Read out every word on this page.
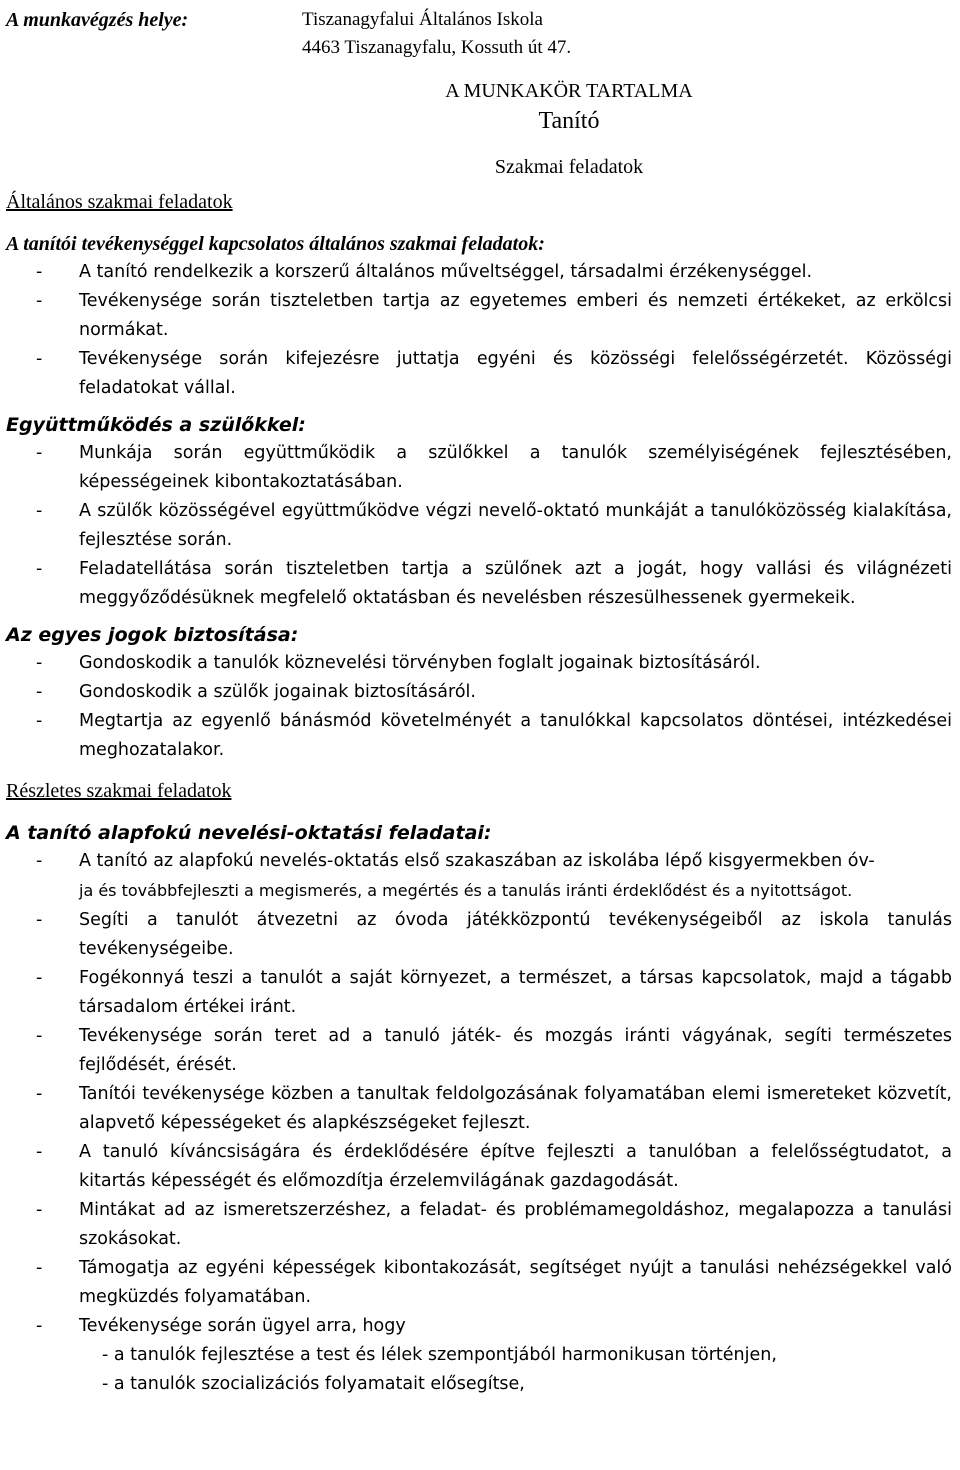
A munkavégzés helye:	Tiszanagyfalui Általános Iskola
4463 Tiszanagyfalu, Kossuth út 47.
A MUNKAKÖR TARTALMA
Tanító
Szakmai feladatok
Általános szakmai feladatok
A tanítói tevékenységgel kapcsolatos általános szakmai feladatok:
- A tanító rendelkezik a korszerű általános műveltséggel, társadalmi érzékenységgel.
- Tevékenysége során tiszteletben tartja az egyetemes emberi és nemzeti értékeket, az erkölcsi normákat.
- Tevékenysége során kifejezésre juttatja egyéni és közösségi felelősségérzetét. Közösségi feladatokat vállal.
Együttműködés a szülőkkel:
- Munkája során együttműködik a szülőkkel a tanulók személyiségének fejlesztésében, képességeinek kibontakoztatásában.
- A szülők közösségével együttműködve végzi nevelő-oktató munkáját a tanulóközösség kialakítása, fejlesztése során.
- Feladatellátása során tiszteletben tartja a szülőnek azt a jogát, hogy vallási és világnézeti meggyőződésüknek megfelelő oktatásban és nevelésben részesülhessenek gyermekeik.
Az egyes jogok biztosítása:
- Gondoskodik a tanulók köznevelési törvényben foglalt jogainak biztosításáról.
- Gondoskodik a szülők jogainak biztosításáról.
- Megtartja az egyenlő bánásmód követelményét a tanulókkal kapcsolatos döntései, intézkedései meghozatalakor.
Részletes szakmai feladatok
A tanító alapfokú nevelési-oktatási feladatai:
- A tanító az alapfokú nevelés-oktatás első szakaszában az iskolába lépő kisgyermekben óv-
ja és továbbfejleszti a megismerés, a megértés és a tanulás iránti érdeklődést és a nyitottságot.
- Segíti a tanulót átvezetni az óvoda játékközpontú tevékenységeiből az iskola tanulás tevékenységeibe.
- Fogékonnyá teszi a tanulót a saját környezet, a természet, a társas kapcsolatok, majd a tágabb társadalom értékei iránt.
- Tevékenysége során teret ad a tanuló játék- és mozgás iránti vágyának, segíti természetes fejlődését, érését.
- Tanítói tevékenysége közben a tanultak feldolgozásának folyamatában elemi ismereteket közvetít, alapvető képességeket és alapkészségeket fejleszt.
- A tanuló kíváncsiságára és érdeklődésére építve fejleszti a tanulóban a felelősségtudatot, a kitartás képességét és előmozdítja érzelemvilágának gazdagodását.
- Mintákat ad az ismeretszerzéshez, a feladat- és problémamegoldáshoz, megalapozza a tanulási szokásokat.
- Támogatja az egyéni képességek kibontakozását, segítséget nyújt a tanulási nehézségekkel való megküzdés folyamatában.
- Tevékenysége során ügyel arra, hogy
- a tanulók fejlesztése a test és lélek szempontjából harmonikusan történjen,
- a tanulók szocializációs folyamatait elősegítse,
